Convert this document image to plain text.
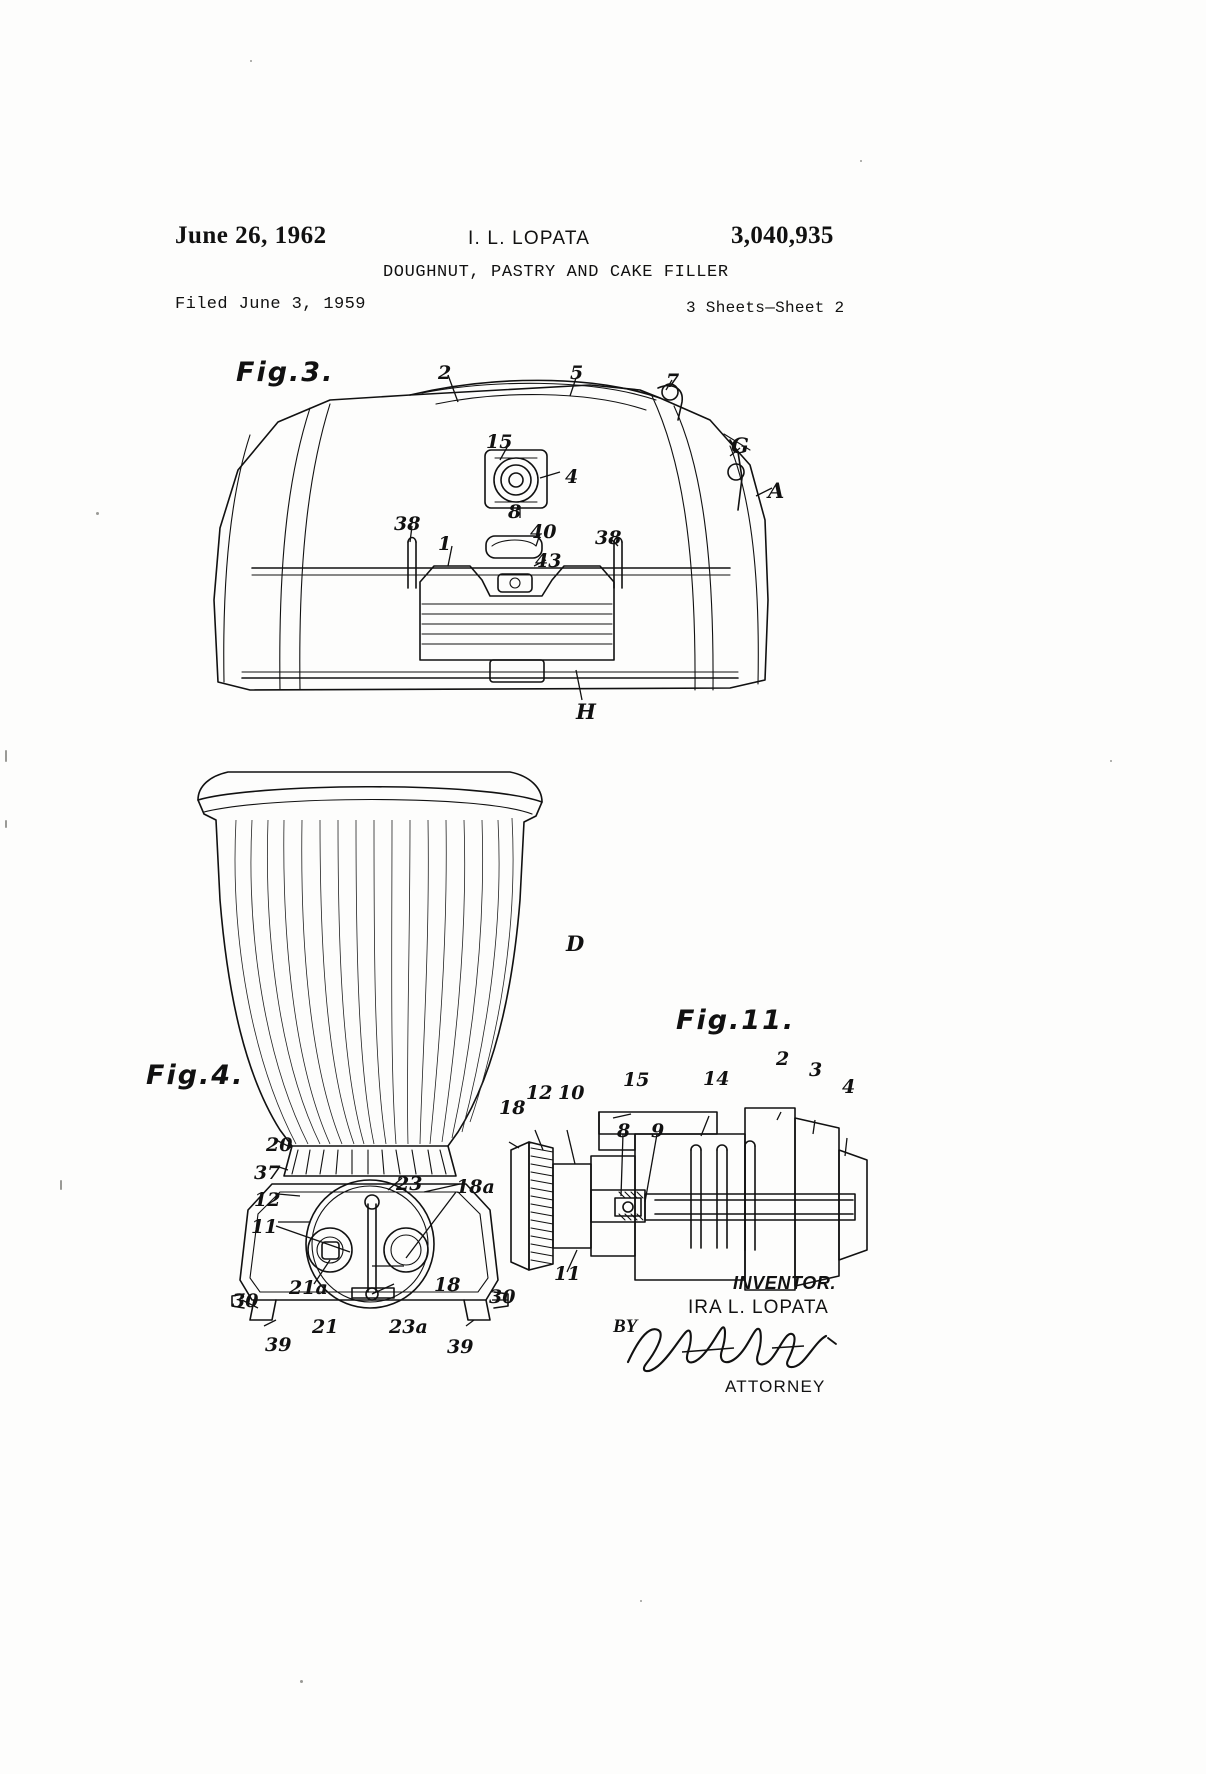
June 26, 1962	I. L. LOPATA	3,040,935
DOUGHNUT, PASTRY AND CAKE FILLER
Filed June 3, 1959	3 Sheets—Sheet 2
Fig.3.	2	5	7
15
4
8
G
A
38
1
40
43
38
H
Fig.4.
D
20
37
12
11
23 18a
18
21a
21	23a
30	30
39	39
Fig.11.
18
12 10
15	14
2 3
4
8 9
11	INVENTOR.
IRA L. LOPATA
BY
ATTORNEY
